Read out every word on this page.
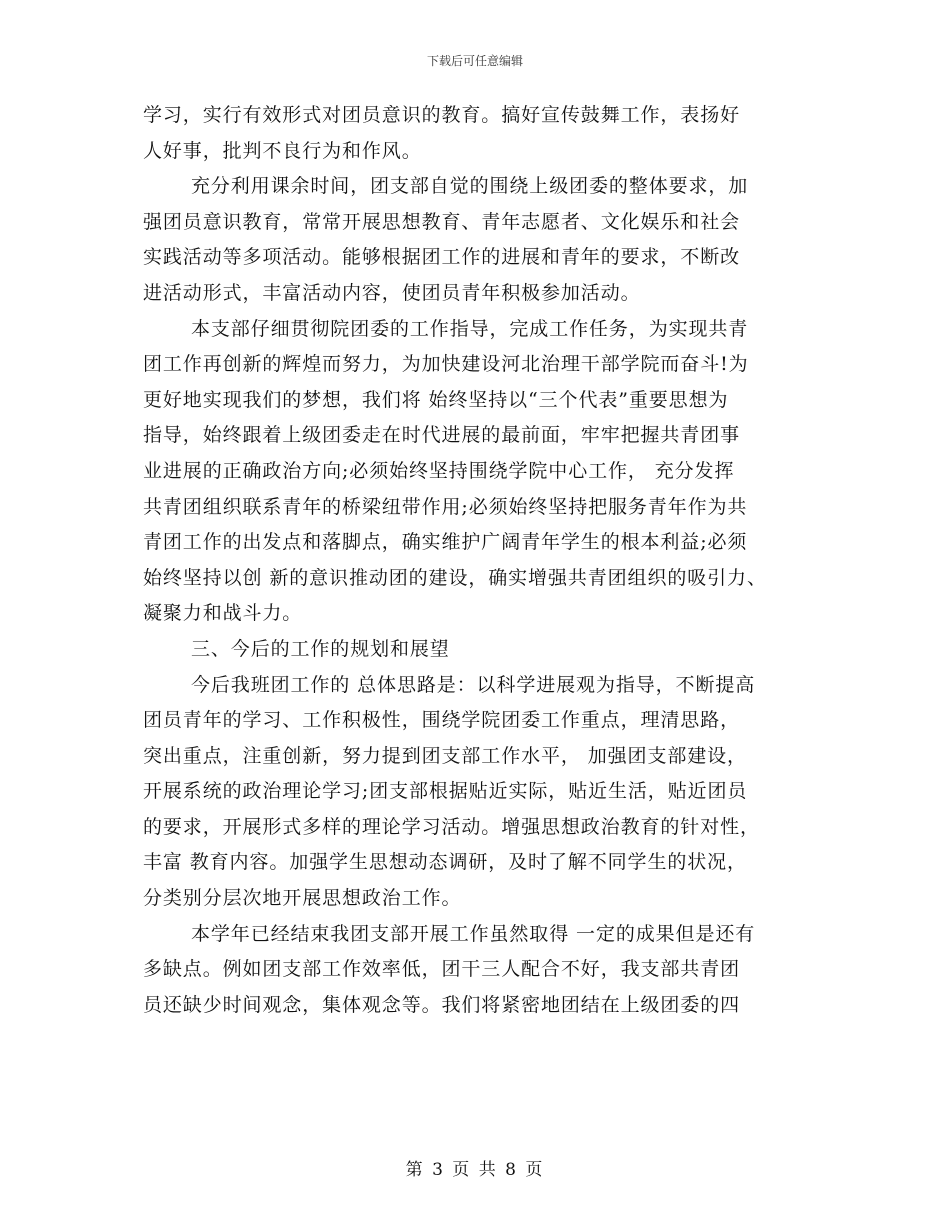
下载后可任意编辑
学习，实行有效形式对团员意识的教育。搞好宣传鼓舞工作，表扬好
人好事，批判不良行为和作风。
充分利用课余时间，团支部自觉的围绕上级团委的整体要求，加
强团员意识教育，常常开展思想教育、青年志愿者、文化娱乐和社会
实践活动等多项活动。能够根据团工作的进展和青年的要求，不断改
进活动形式，丰富活动内容，使团员青年积极参加活动。
本支部仔细贯彻院团委的工作指导，完成工作任务，为实现共青
团工作再创新的辉煌而努力，为加快建设河北治理干部学院而奋斗!为
更好地实现我们的梦想，我们将 始终坚持以“三个代表”重要思想为
指导，始终跟着上级团委走在时代进展的最前面，牢牢把握共青团事
业进展的正确政治方向;必须始终坚持围绕学院中心工作， 充分发挥
共青团组织联系青年的桥梁纽带作用;必须始终坚持把服务青年作为共
青团工作的出发点和落脚点，确实维护广阔青年学生的根本利益;必须
始终坚持以创 新的意识推动团的建设，确实增强共青团组织的吸引力、
凝聚力和战斗力。
三、今后的工作的规划和展望
今后我班团工作的 总体思路是：以科学进展观为指导，不断提高
团员青年的学习、工作积极性，围绕学院团委工作重点，理清思路，
突出重点，注重创新，努力提到团支部工作水平， 加强团支部建设，
开展系统的政治理论学习;团支部根据贴近实际，贴近生活，贴近团员
的要求，开展形式多样的理论学习活动。增强思想政治教育的针对性，
丰富 教育内容。加强学生思想动态调研，及时了解不同学生的状况，
分类别分层次地开展思想政治工作。
本学年已经结束我团支部开展工作虽然取得 一定的成果但是还有
多缺点。例如团支部工作效率低，团干三人配合不好，我支部共青团
员还缺少时间观念，集体观念等。我们将紧密地团结在上级团委的四
第 3 页 共 8 页
